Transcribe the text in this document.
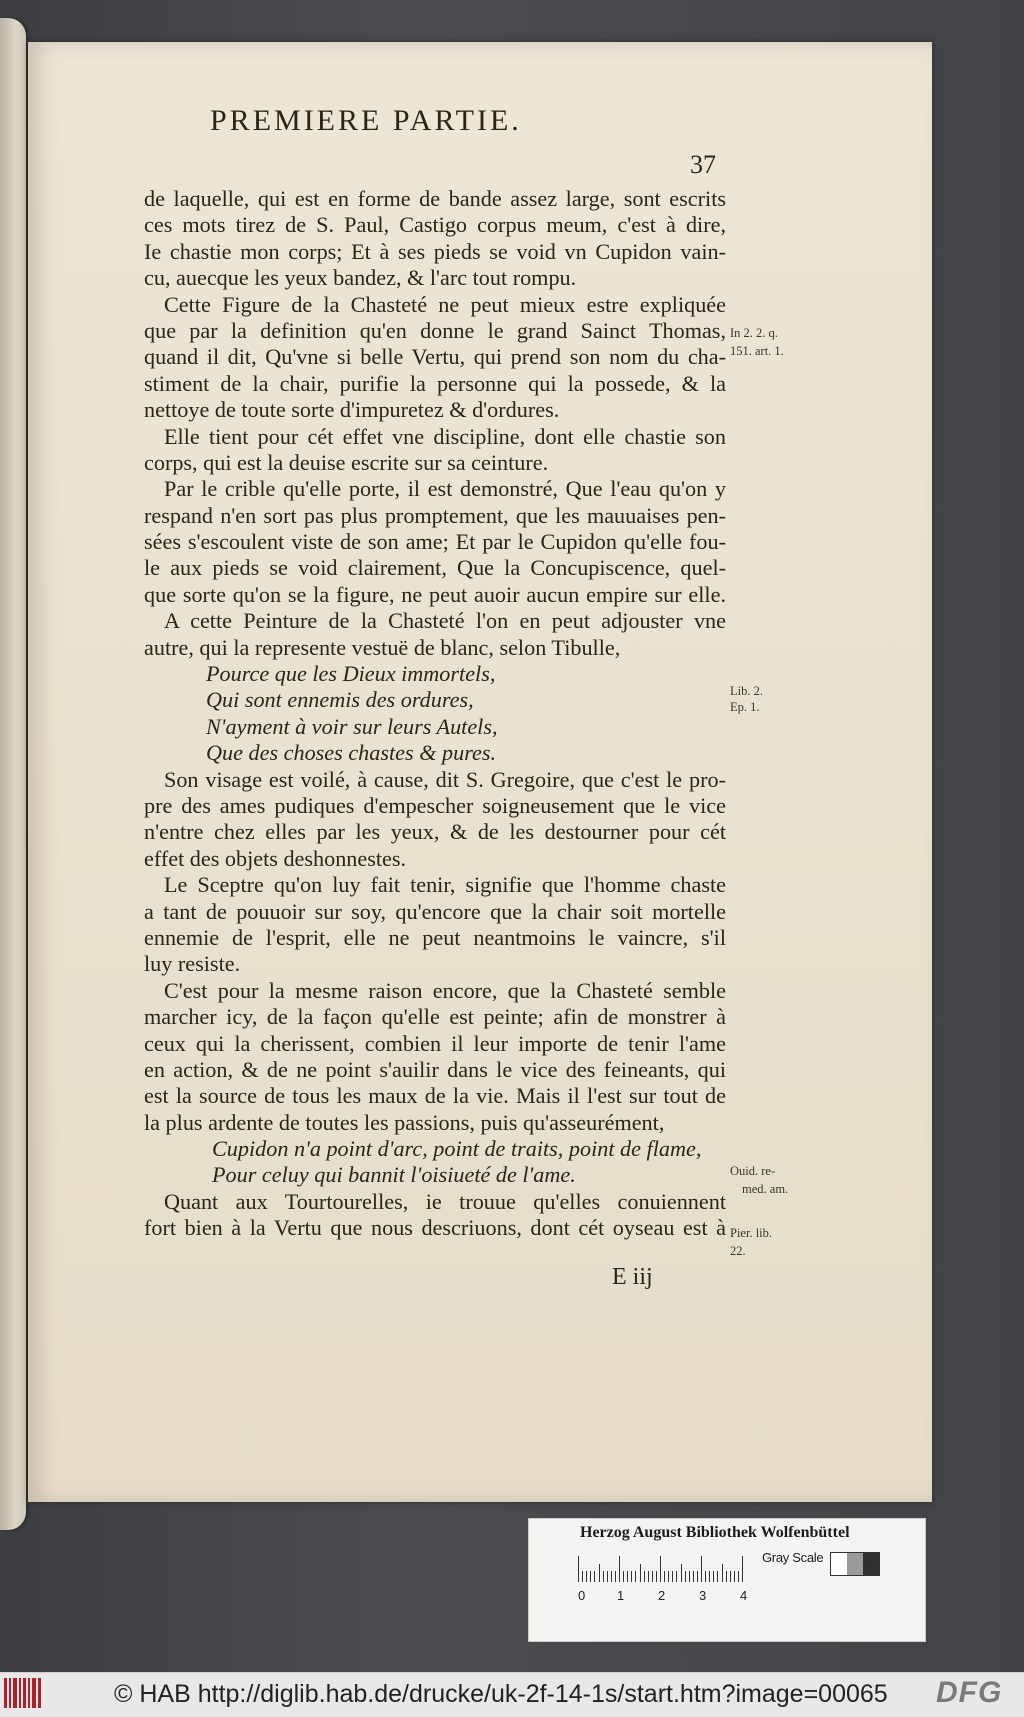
PREMIERE PARTIE.
37
de laquelle, qui est en forme de bande assez large, sont escrits
ces mots tirez de S. Paul, Castigo corpus meum, c'est à dire,
Ie chastie mon corps; Et à ses pieds se void vn Cupidon vain-
cu, auecque les yeux bandez, & l'arc tout rompu.
Cette Figure de la Chasteté ne peut mieux estre expliquée
que par la definition qu'en donne le grand Sainct Thomas,
quand il dit, Qu'vne si belle Vertu, qui prend son nom du cha-
stiment de la chair, purifie la personne qui la possede, & la
nettoye de toute sorte d'impuretez & d'ordures.
Elle tient pour cét effet vne discipline, dont elle chastie son
corps, qui est la deuise escrite sur sa ceinture.
Par le crible qu'elle porte, il est demonstré, Que l'eau qu'on y
respand n'en sort pas plus promptement, que les mauuaises pen-
sées s'escoulent viste de son ame; Et par le Cupidon qu'elle fou-
le aux pieds se void clairement, Que la Concupiscence, quel-
que sorte qu'on se la figure, ne peut auoir aucun empire sur elle.
A cette Peinture de la Chasteté l'on en peut adjouster vne
autre, qui la represente vestuë de blanc, selon Tibulle,
Pource que les Dieux immortels,
Qui sont ennemis des ordures,
N'ayment à voir sur leurs Autels,
Que des choses chastes & pures.
Son visage est voilé, à cause, dit S. Gregoire, que c'est le pro-
pre des ames pudiques d'empescher soigneusement que le vice
n'entre chez elles par les yeux, & de les destourner pour cét
effet des objets deshonnestes.
Le Sceptre qu'on luy fait tenir, signifie que l'homme chaste
a tant de pouuoir sur soy, qu'encore que la chair soit mortelle
ennemie de l'esprit, elle ne peut neantmoins le vaincre, s'il
luy resiste.
C'est pour la mesme raison encore, que la Chasteté semble
marcher icy, de la façon qu'elle est peinte; afin de monstrer à
ceux qui la cherissent, combien il leur importe de tenir l'ame
en action, & de ne point s'auilir dans le vice des feineants, qui
est la source de tous les maux de la vie. Mais il l'est sur tout de
la plus ardente de toutes les passions, puis qu'asseurément,
Cupidon n'a point d'arc, point de traits, point de flame,
Pour celuy qui bannit l'oisiueté de l'ame.
Quant aux Tourtourelles, ie trouue qu'elles conuiennent
fort bien à la Vertu que nous descriuons, dont cét oyseau est à
In 2. 2. q.
151. art. 1.
Lib. 2.
Ep. 1.
Ouid. re-
med. am.
Pier. lib.
22.
E iij
Herzog August Bibliothek Wolfenbüttel
0 1	2	3	4
Gray Scale
© HAB http://diglib.hab.de/drucke/uk-2f-14-1s/start.htm?image=00065 DFG
